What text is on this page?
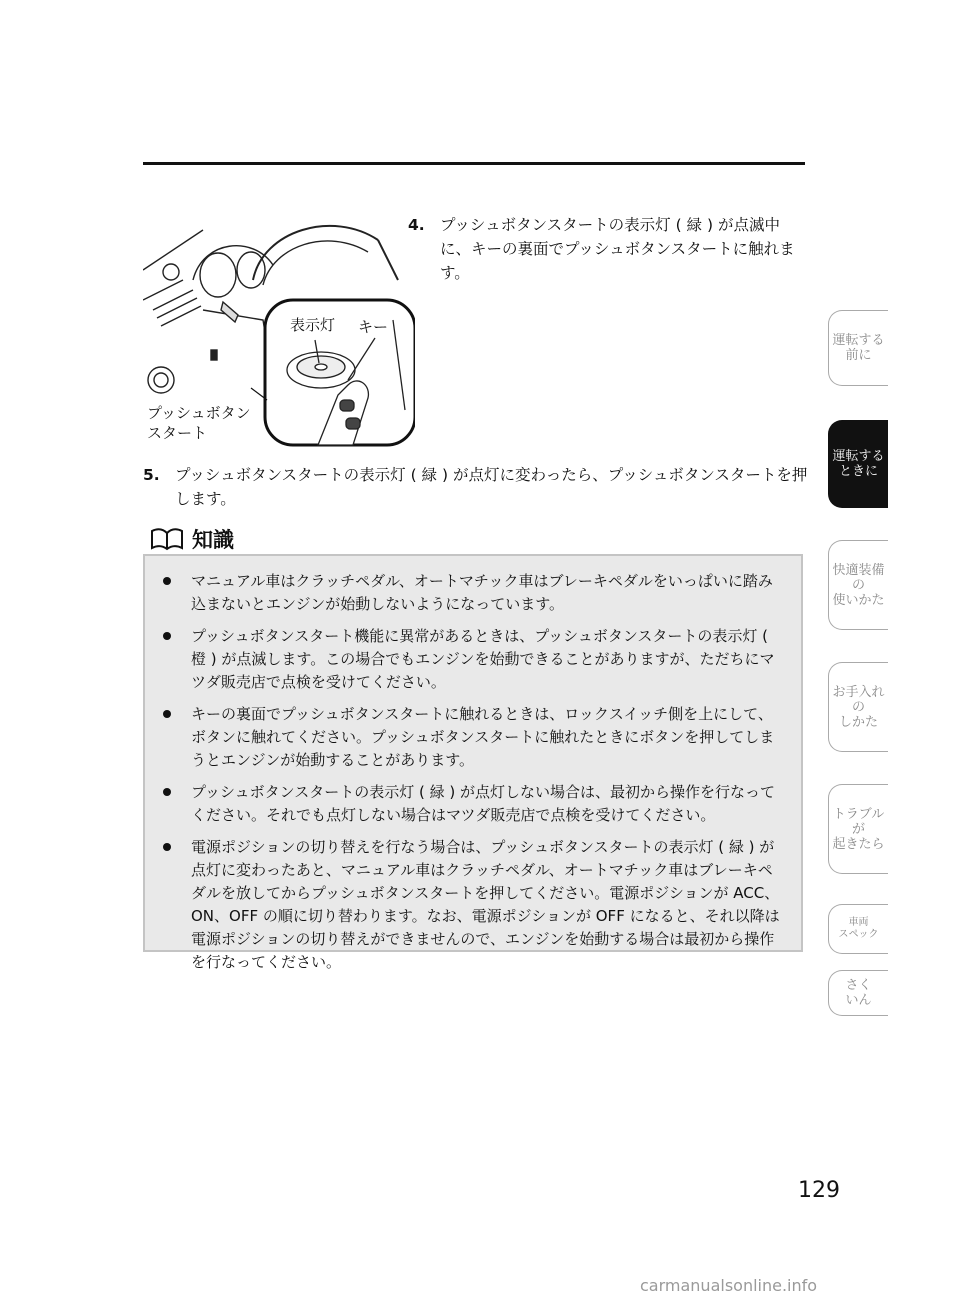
表示灯 キー
プッシュボタン
スタート
4. プッシュボタンスタートの表示灯 ( 緑 ) が点滅中に、キーの裏面でプッシュボタンスタートに触れます。
5. プッシュボタンスタートの表示灯 ( 緑 ) が点灯に変わったら、プッシュボタンスタートを押します。
知識
マニュアル車はクラッチペダル、オートマチック車はブレーキペダルをいっぱいに踏み込まないとエンジンが始動しないようになっています。
プッシュボタンスタート機能に異常があるときは、プッシュボタンスタートの表示灯 ( 橙 ) が点滅します。この場合でもエンジンを始動できることがありますが、ただちにマツダ販売店で点検を受けてください。
キーの裏面でプッシュボタンスタートに触れるときは、ロックスイッチ側を上にして、ボタンに触れてください。プッシュボタンスタートに触れたときにボタンを押してしまうとエンジンが始動することがあります。
プッシュボタンスタートの表示灯 ( 緑 ) が点灯しない場合は、最初から操作を行なってください。それでも点灯しない場合はマツダ販売店で点検を受けてください。
電源ポジションの切り替えを行なう場合は、プッシュボタンスタートの表示灯 ( 緑 ) が点灯に変わったあと、マニュアル車はクラッチペダル、オートマチック車はブレーキペダルを放してからプッシュボタンスタートを押してください。電源ポジションが ACC、ON、OFF の順に切り替わります。なお、電源ポジションが OFF になると、それ以降は電源ポジションの切り替えができませんので、エンジンを始動する場合は最初から操作を行なってください。
運転する
前に
運転する
ときに
快適装備の
使いかた
お手入れの
しかた
トラブルが
起きたら
車両
スペック
さく
いん
129
carmanualsonline.info
